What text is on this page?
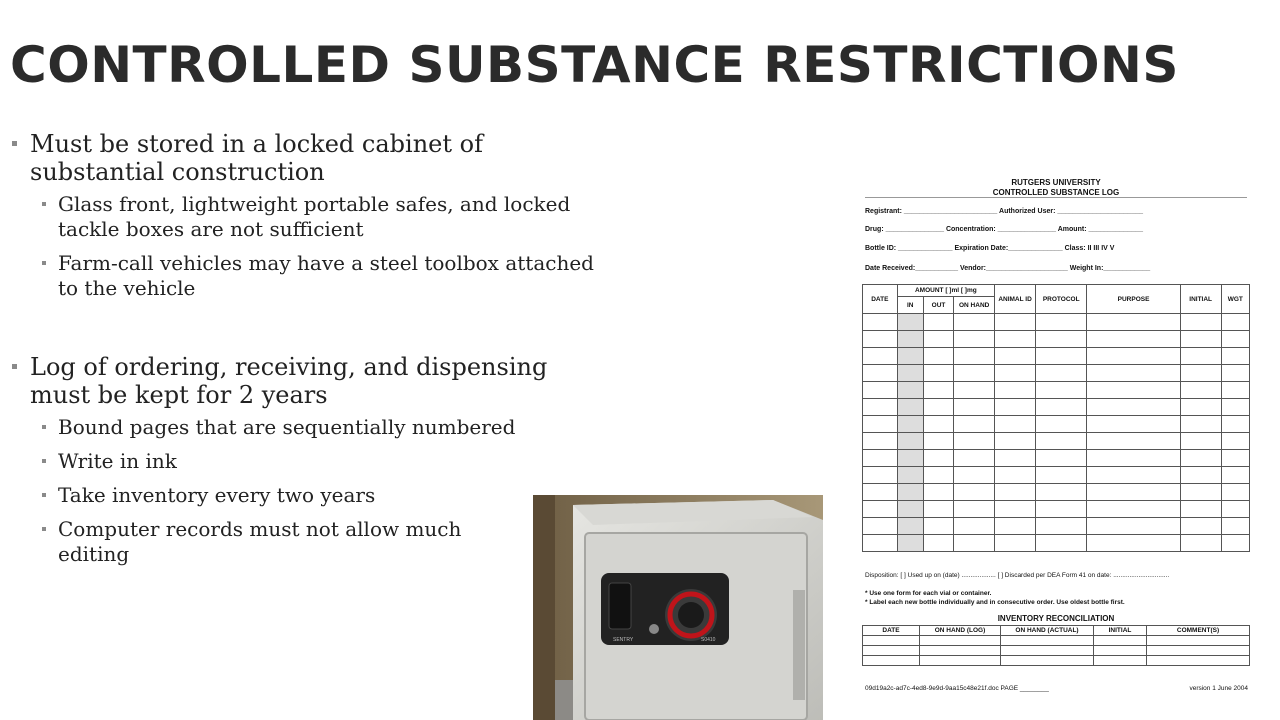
CONTROLLED SUBSTANCE RESTRICTIONS
Must be stored in a locked cabinet of substantial construction
Glass front, lightweight portable safes, and locked tackle boxes are not sufficient
Farm-call vehicles may have a steel toolbox attached to the vehicle
Log of ordering, receiving, and dispensing must be kept for 2 years
Bound pages that are sequentially numbered
Write in ink
Take inventory every two years
Computer records must not allow much editing
SENTRY	S0410
RUTGERS UNIVERSITY
CONTROLLED SUBSTANCE LOG
Registrant: ________________________ Authorized User: ______________________
Drug: _______________ Concentration: _______________ Amount: ______________
Bottle ID: ______________ Expiration Date:______________ Class: II III IV V
Date Received:___________ Vendor:_____________________ Weight In:____________
DATE	AMOUNT [ ]ml [ ]mg			ANIMAL ID	PROTOCOL	PURPOSE	INITIAL	WGT
	IN	OUT	ON HAND					

Disposition: [ ] Used up on (date) ................... [ ] Discarded per DEA Form 41 on date: ...............................
* Use one form for each vial or container.
* Label each new bottle individually and in consecutive order. Use oldest bottle first.
INVENTORY RECONCILIATION
DATE	ON HAND (LOG)	ON HAND (ACTUAL)	INITIAL	COMMENT(S)

09d19a2c-ad7c-4ed8-9e9d-9aa15c48e21f.doc PAGE ________	version 1 June 2004
